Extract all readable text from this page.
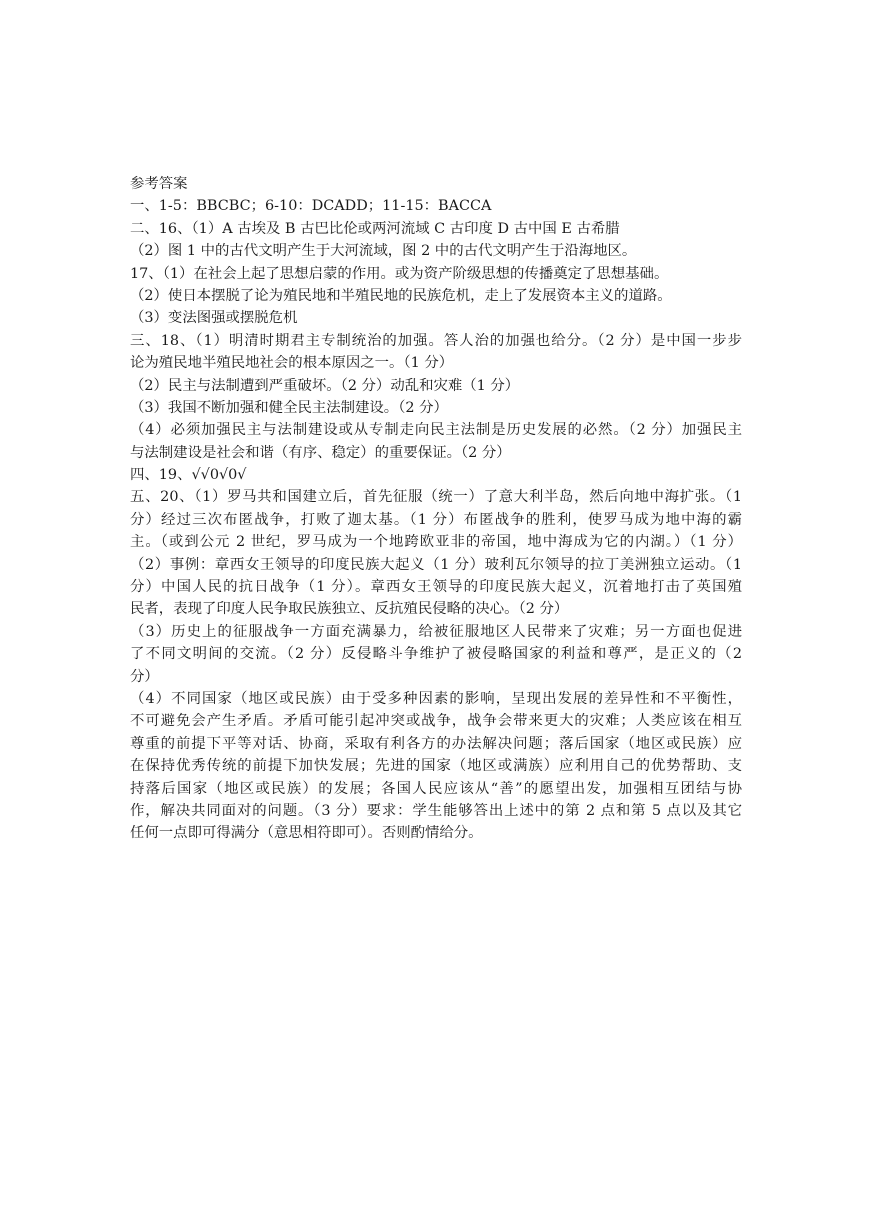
参考答案
一、1-5：BBCBC；6-10：DCADD；11-15：BACCA
二、16、（1）A 古埃及 B 古巴比伦或两河流域 C 古印度 D 古中国 E 古希腊
（2）图 1 中的古代文明产生于大河流域，图 2 中的古代文明产生于沿海地区。
17、（1）在社会上起了思想启蒙的作用。或为资产阶级思想的传播奠定了思想基础。
（2）使日本摆脱了论为殖民地和半殖民地的民族危机，走上了发展资本主义的道路。
（3）变法图强或摆脱危机
三、18、（1）明清时期君主专制统治的加强。答人治的加强也给分。（2 分）是中国一步步
论为殖民地半殖民地社会的根本原因之一。（1 分）
（2）民主与法制遭到严重破坏。（2 分）动乱和灾难（1 分）
（3）我国不断加强和健全民主法制建设。（2 分）
（4）必须加强民主与法制建设或从专制走向民主法制是历史发展的必然。（2 分）加强民主
与法制建设是社会和谐（有序、稳定）的重要保证。（2 分）
四、19、√√0√0√
五、20、（1）罗马共和国建立后，首先征服（统一）了意大利半岛，然后向地中海扩张。（1
分）经过三次布匿战争，打败了迦太基。（1 分）布匿战争的胜利，使罗马成为地中海的霸
主。（或到公元 2 世纪，罗马成为一个地跨欧亚非的帝国，地中海成为它的内湖。）（1 分）
（2）事例：章西女王领导的印度民族大起义（1 分）玻利瓦尔领导的拉丁美洲独立运动。（1
分）中国人民的抗日战争（1 分）。章西女王领导的印度民族大起义，沉着地打击了英国殖
民者，表现了印度人民争取民族独立、反抗殖民侵略的决心。（2 分）
（3）历史上的征服战争一方面充满暴力，给被征服地区人民带来了灾难；另一方面也促进
了不同文明间的交流。（2 分）反侵略斗争维护了被侵略国家的利益和尊严，是正义的（2
分）
（4）不同国家（地区或民族）由于受多种因素的影响，呈现出发展的差异性和不平衡性，
不可避免会产生矛盾。矛盾可能引起冲突或战争，战争会带来更大的灾难；人类应该在相互
尊重的前提下平等对话、协商，采取有利各方的办法解决问题；落后国家（地区或民族）应
在保持优秀传统的前提下加快发展；先进的国家（地区或满族）应利用自己的优势帮助、支
持落后国家（地区或民族）的发展；各国人民应该从“善”的愿望出发，加强相互团结与协
作，解决共同面对的问题。（3 分）要求：学生能够答出上述中的第 2 点和第 5 点以及其它
任何一点即可得满分（意思相符即可）。否则酌情给分。
